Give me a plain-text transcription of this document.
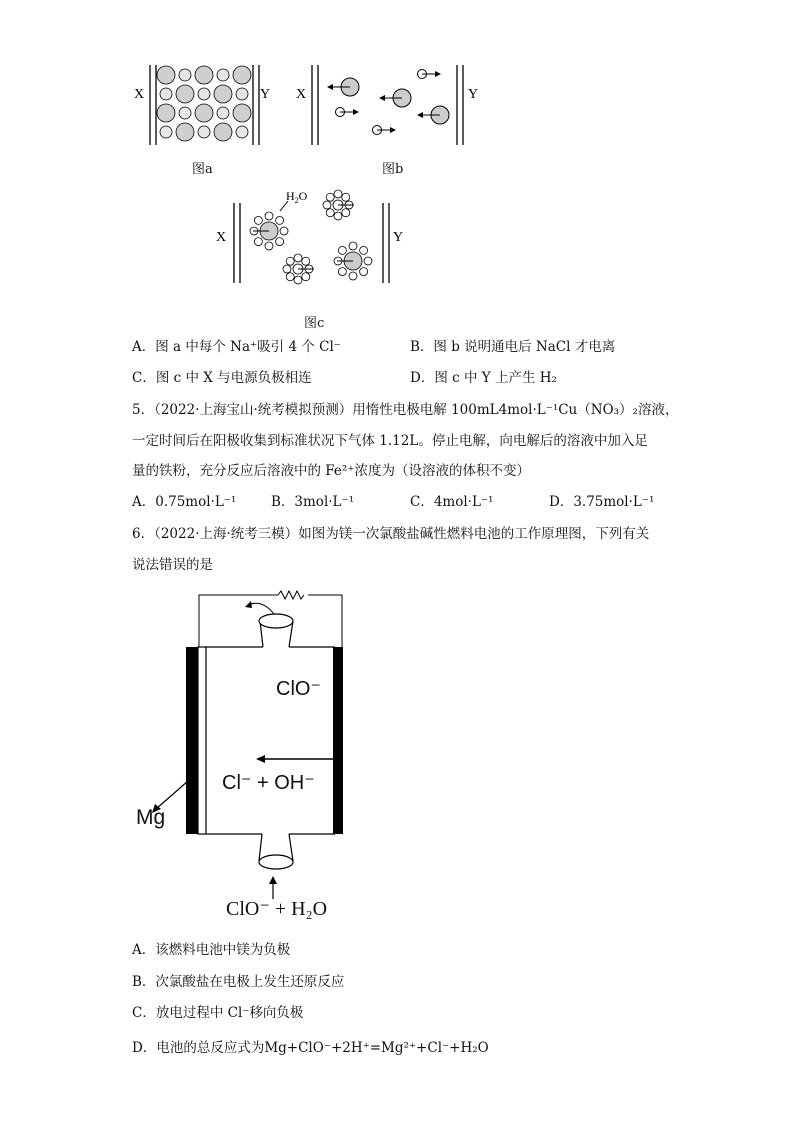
X	Y X	Y
图a	图b
X	Y
$H_2O$
图c
A．图 a 中每个 Na⁺吸引 4 个 Cl⁻	B．图 b 说明通电后 NaCl 才电离
C．图 c 中 X 与电源负极相连	D．图 c 中 Y 上产生 H₂
5．（2022·上海宝山·统考模拟预测）用惰性电极电解 100mL4mol·L⁻¹Cu（NO₃）₂溶液，
一定时间后在阳极收集到标准状况下气体 1.12L。停止电解，向电解后的溶液中加入足
量的铁粉，充分反应后溶液中的 Fe²⁺浓度为（设溶液的体积不变）
A．0.75mol·L⁻¹	B．3mol·L⁻¹	C．4mol·L⁻¹	D．3.75mol·L⁻¹
6．（2022·上海·统考三模）如图为镁一次氯酸盐碱性燃料电池的工作原理图，下列有关
说法错误的是
ClO⁻
Cl⁻ + OH⁻
Mg
ClO⁻ + H₂O
A．该燃料电池中镁为负极
B．次氯酸盐在电极上发生还原反应
C．放电过程中 Cl⁻移向负极
D．电池的总反应式为Mg+ClO⁻+2H⁺=Mg²⁺+Cl⁻+H₂O
